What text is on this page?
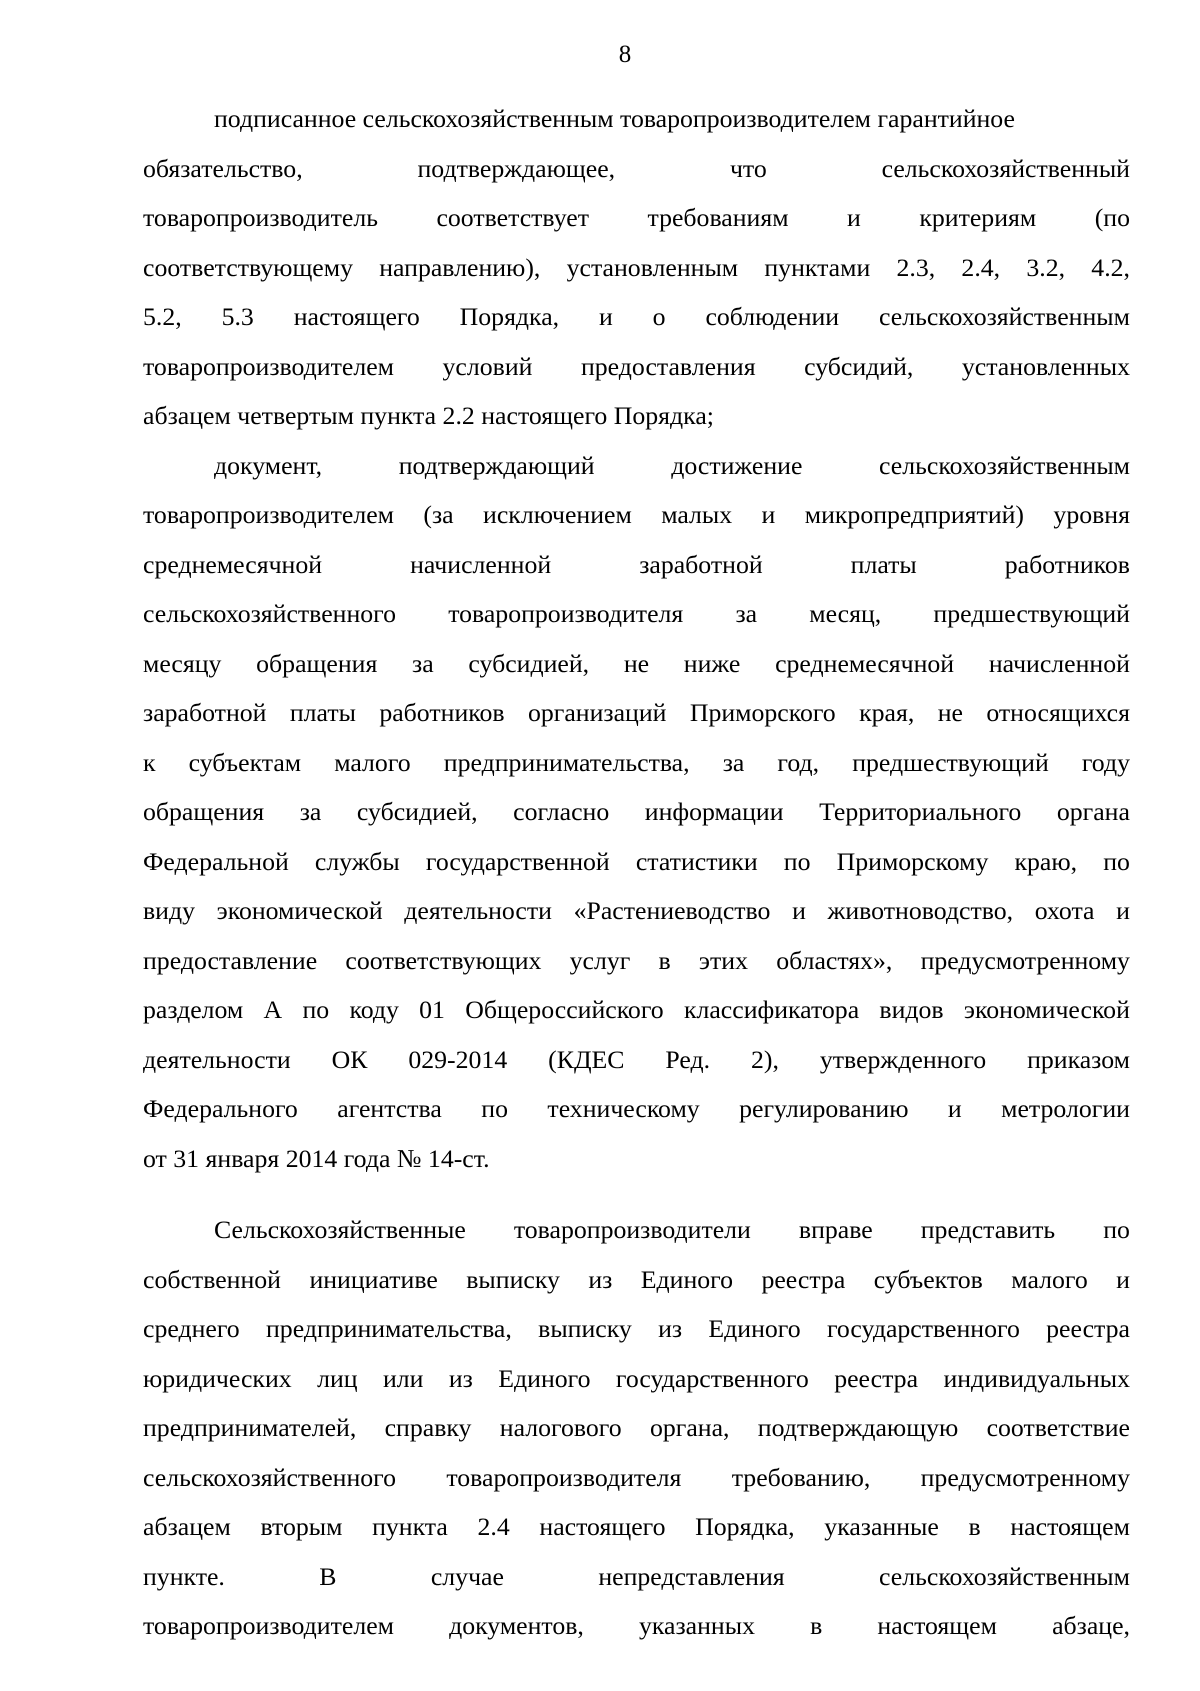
8
подписанное сельскохозяйственным товаропроизводителем гарантийное
обязательство,	подтверждающее,	что	сельскохозяйственный
товаропроизводитель соответствует требованиям и критериям (по
соответствующему направлению), установленным пунктами 2.3, 2.4, 3.2, 4.2,
5.2, 5.3 настоящего Порядка, и о соблюдении сельскохозяйственным
товаропроизводителем условий предоставления субсидий, установленных
абзацем четвертым пункта 2.2 настоящего Порядка;
документ,	подтверждающий	достижение	сельскохозяйственным
товаропроизводителем (за исключением малых и микропредприятий) уровня
среднемесячной	начисленной	заработной	платы	работников
сельскохозяйственного товаропроизводителя за месяц, предшествующий
месяцу обращения за субсидией, не ниже среднемесячной начисленной
заработной платы работников организаций Приморского края, не относящихся
к субъектам малого предпринимательства, за год, предшествующий году
обращения за субсидией, согласно информации Территориального органа
Федеральной службы государственной статистики по Приморскому краю, по
виду экономической деятельности «Растениеводство и животноводство, охота и
предоставление соответствующих услуг в этих областях», предусмотренному
разделом А по коду 01 Общероссийского классификатора видов экономической
деятельности ОК 029-2014 (КДЕС Ред. 2), утвержденного приказом
Федерального агентства по техническому регулированию и метрологии
от 31 января 2014 года № 14-ст.
Сельскохозяйственные товаропроизводители вправе представить по
собственной инициативе выписку из Единого реестра субъектов малого и
среднего предпринимательства, выписку из Единого государственного реестра
юридических лиц или из Единого государственного реестра индивидуальных
предпринимателей, справку налогового органа, подтверждающую соответствие
сельскохозяйственного товаропроизводителя требованию, предусмотренному
абзацем вторым пункта 2.4 настоящего Порядка, указанные в настоящем
пункте.	В	случае	непредставления	сельскохозяйственным
товаропроизводителем документов, указанных в настоящем абзаце,
